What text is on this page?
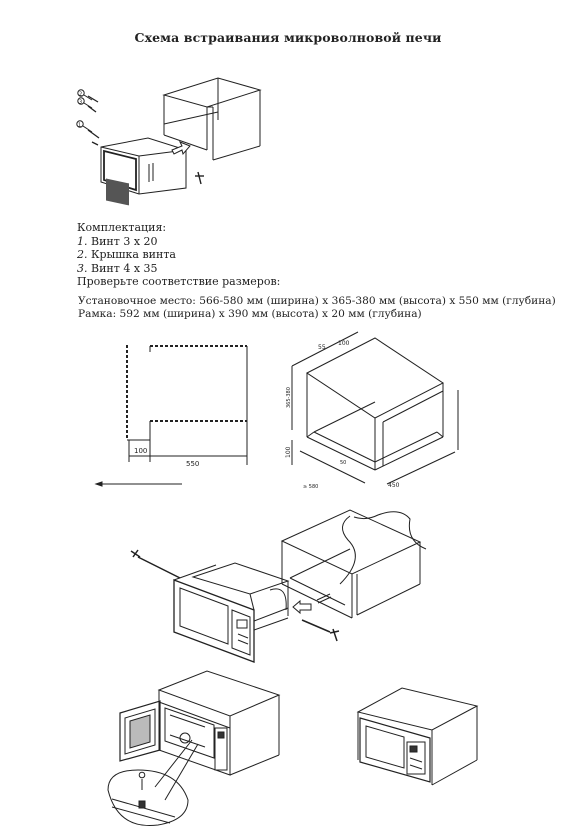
Схема встраивания микроволновой печи
2
3
1
Комплектация:
1. Винт 3 х 20
2. Крышка винта
3. Винт 4 х 35
Проверьте соответствие размеров:
Установочное место: 566-580 мм (ширина) х 365-380 мм (высота) х 550 мм (глубина)
Рамка: 592 мм (ширина) х 390 мм (высота) х 20 мм (глубина)
100
550
55
100
365-380
100
50
≥ 580	450
